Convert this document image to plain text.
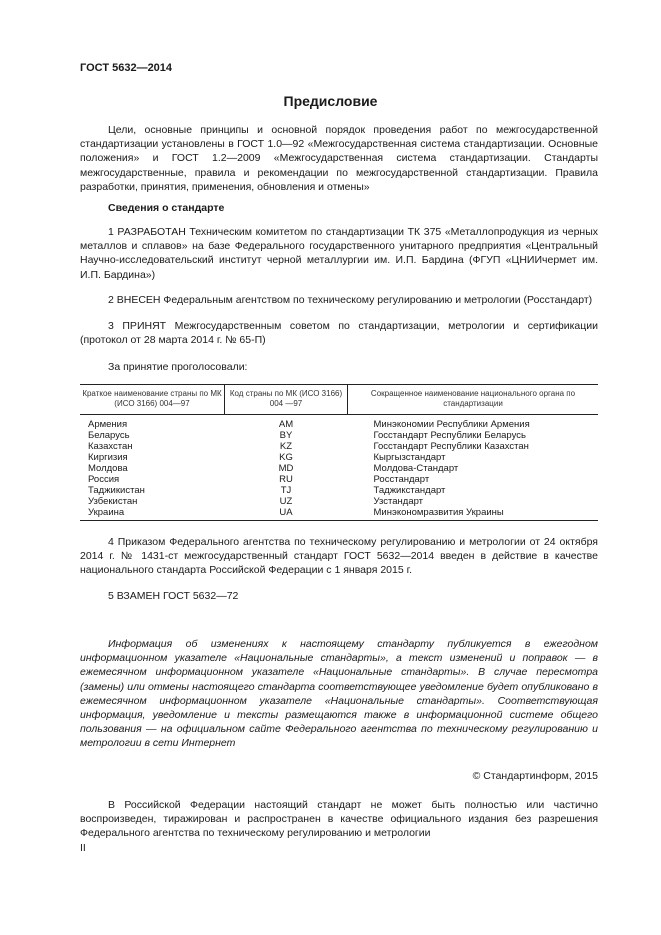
ГОСТ 5632—2014
Предисловие

Цели, основные принципы и основной порядок проведения работ по межгосударственной стандартизации установлены в ГОСТ 1.0—92 «Межгосударственная система стандартизации. Основные положения» и ГОСТ 1.2—2009 «Межгосударственная система стандартизации. Стандарты межгосударственные, правила и рекомендации по межгосударственной стандартизации. Правила разработки, принятия, применения, обновления и отмены»

Сведения о стандарте

1 РАЗРАБОТАН Техническим комитетом по стандартизации ТК 375 «Металлопродукция из черных металлов и сплавов» на базе Федерального государственного унитарного предприятия «Центральный Научно-исследовательский институт черной металлургии им. И.П. Бардина (ФГУП «ЦНИИчермет им. И.П. Бардина»)

2 ВНЕСЕН Федеральным агентством по техническому регулированию и метрологии (Росстандарт)

3 ПРИНЯТ Межгосударственным советом по стандартизации, метрологии и сертификации (протокол от 28 марта 2014 г. № 65-П)

За принятие проголосовали:
Краткое наименование страны по МК (ИСО 3166) 004—97	Код страны по МК (ИСО 3166) 004 —97	Сокращенное наименование национального органа по стандартизации
Армения	AM	Минэкономии Республики Армения
Беларусь	BY	Госстандарт Республики Беларусь
Казахстан	KZ	Госстандарт Республики Казахстан
Киргизия	KG	Кыргызстандарт
Молдова	MD	Молдова-Стандарт
Россия	RU	Росстандарт
Таджикистан	TJ	Таджикстандарт
Узбекистан	UZ	Узстандарт
Украина	UA	Минэкономразвития Украины

4 Приказом Федерального агентства по техническому регулированию и метрологии от 24 октября 2014 г. № 1431-ст межгосударственный стандарт ГОСТ 5632—2014 введен в действие в качестве национального стандарта Российской Федерации с 1 января 2015 г.

5 ВЗАМЕН ГОСТ 5632—72

Информация об изменениях к настоящему стандарту публикуется в ежегодном информационном указателе «Национальные стандарты», а текст изменений и поправок — в ежемесячном информационном указателе «Национальные стандарты». В случае пересмотра (замены) или отмены настоящего стандарта соответствующее уведомление будет опубликовано в ежемесячном информационном указателе «Национальные стандарты». Соответствующая информация, уведомление и тексты размещаются также в информационной системе общего пользования — на официальном сайте Федерального агентства по техническому регулированию и метрологии в сети Интернет

© Стандартинформ, 2015

В Российской Федерации настоящий стандарт не может быть полностью или частично воспроизведен, тиражирован и распространен в качестве официального издания без разрешения Федерального агентства по техническому регулированию и метрологии

II
